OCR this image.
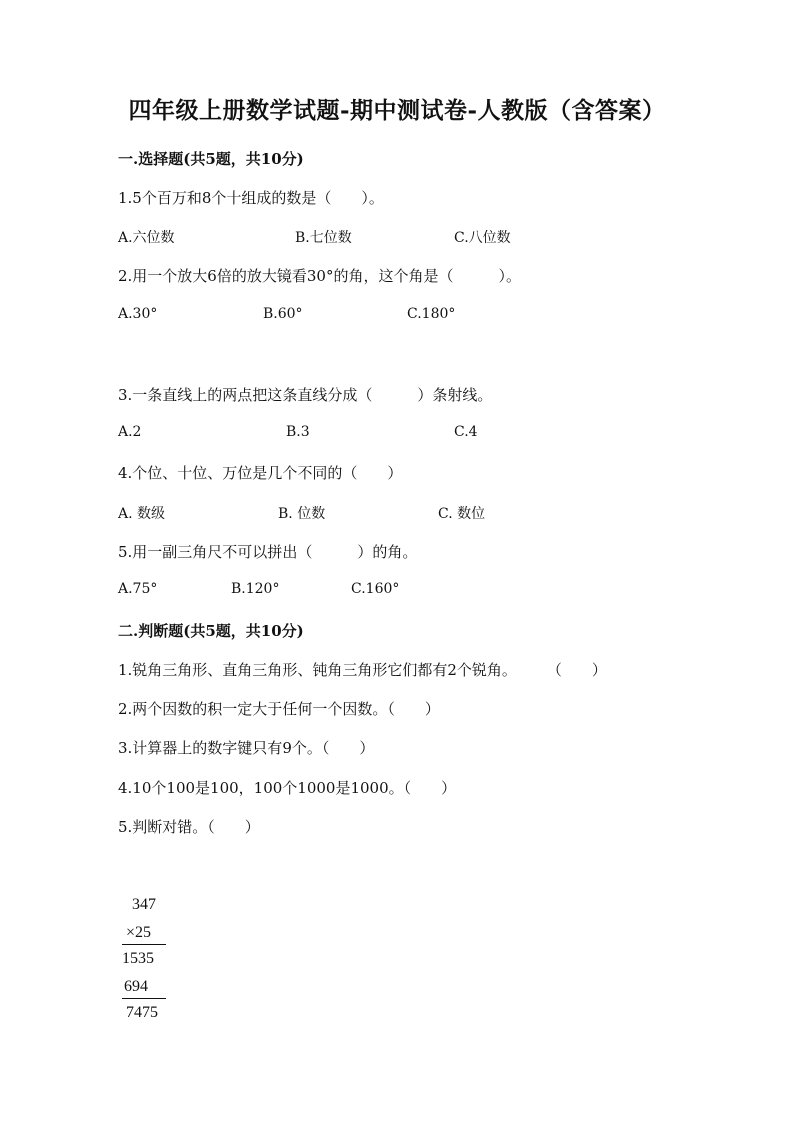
四年级上册数学试题-期中测试卷-人教版（含答案）
一.选择题(共5题，共10分)
1.5个百万和8个十组成的数是（　　）。
A.六位数	B.七位数	C.八位数
2.用一个放大6倍的放大镜看30°的角，这个角是（　　　）。
A.30°	B.60°	C.180°
3.一条直线上的两点把这条直线分成（　　　）条射线。
A.2	B.3	C.4
4.个位、十位、万位是几个不同的（　　）
A. 数级	B. 位数	C. 数位
5.用一副三角尺不可以拼出（　　　）的角。
A.75°	B.120°	C.160°
二.判断题(共5题，共10分)
1.锐角三角形、直角三角形、钝角三角形它们都有2个锐角。　　　（　　）
2.两个因数的积一定大于任何一个因数。（　　）
3.计算器上的数字键只有9个。（　　）
4.10个100是100，100个1000是1000。（　　）
5.判断对错。（　　）
347
×25
1535
694
7475
